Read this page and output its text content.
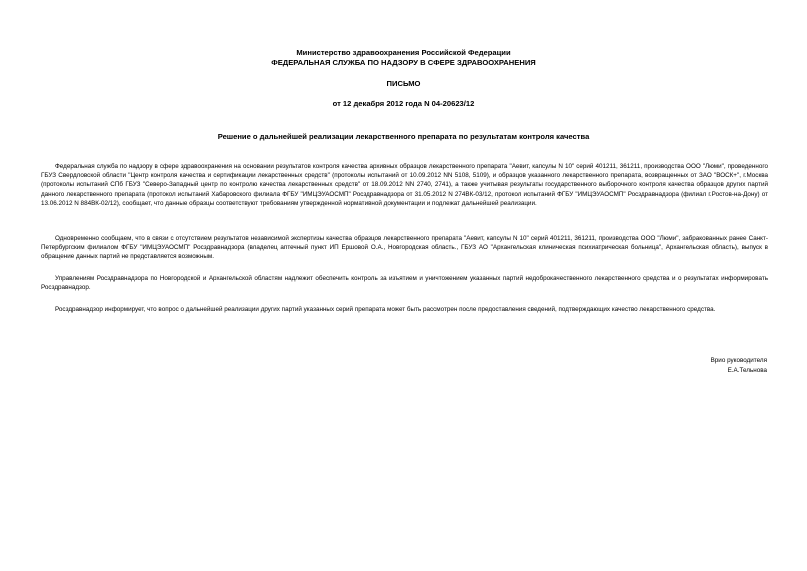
Министерство здравоохранения Российской Федерации
ФЕДЕРАЛЬНАЯ СЛУЖБА ПО НАДЗОРУ В СФЕРЕ ЗДРАВООХРАНЕНИЯ
ПИСЬМО
от 12 декабря 2012 года N 04-20623/12
Решение о дальнейшей реализации лекарственного препарата по результатам контроля качества

Федеральная служба по надзору в сфере здравоохранения на основании результатов контроля качества архивных образцов лекарственного препарата "Аевит, капсулы N 10" серий 401211, 361211, производства ООО "Люми", проведенного ГБУЗ Свердловской области "Центр контроля качества и сертификации лекарственных средств" (протоколы испытаний от 10.09.2012 NN 5108, 5109), и образцов указанного лекарственного препарата, возвращенных от ЗАО "ВОСК+", г.Москва (протоколы испытаний СПб ГБУЗ "Северо-Западный центр по контролю качества лекарственных средств" от 18.09.2012 NN 2740, 2741), а также учитывая результаты государственного выборочного контроля качества образцов других партий данного лекарственного препарата (протокол испытаний Хабаровского филиала ФГБУ "ИМЦЭУАОСМП" Росздравнадзора от 31.05.2012 N 274ВК-03/12, протокол испытаний ФГБУ "ИМЦЭУАОСМП" Росздравнадзора (филиал г.Ростов-на-Дону) от 13.06.2012 N 884ВК-02/12), сообщает, что данные образцы соответствуют требованиям утвержденной нормативной документации и подлежат дальнейшей реализации.

Одновременно сообщаем, что в связи с отсутствием результатов независимой экспертизы качества образцов лекарственного препарата "Аевит, капсулы N 10" серий 401211, 361211, производства ООО "Люми", забракованных ранее Санкт-Петербургским филиалом ФГБУ "ИМЦЭУАОСМП" Росздравнадзора (владелец аптечный пункт ИП Ершовой О.А., Новгородская область., ГБУЗ АО "Архангельская клиническая психиатрическая больница", Архангельская область), выпуск в обращение данных партий не представляется возможным.

Управлениям Росздравнадзора по Новгородской и Архангельской областям надлежит обеспечить контроль за изъятием и уничтожением указанных партий недоброкачественного лекарственного средства и о результатах информировать Росздравнадзор.

Росздравнадзор информирует, что вопрос о дальнейшей реализации других партий указанных серий препарата может быть рассмотрен после предоставления сведений, подтверждающих качество лекарственного средства.

Врио руководителя
Е.А.Тельнова
